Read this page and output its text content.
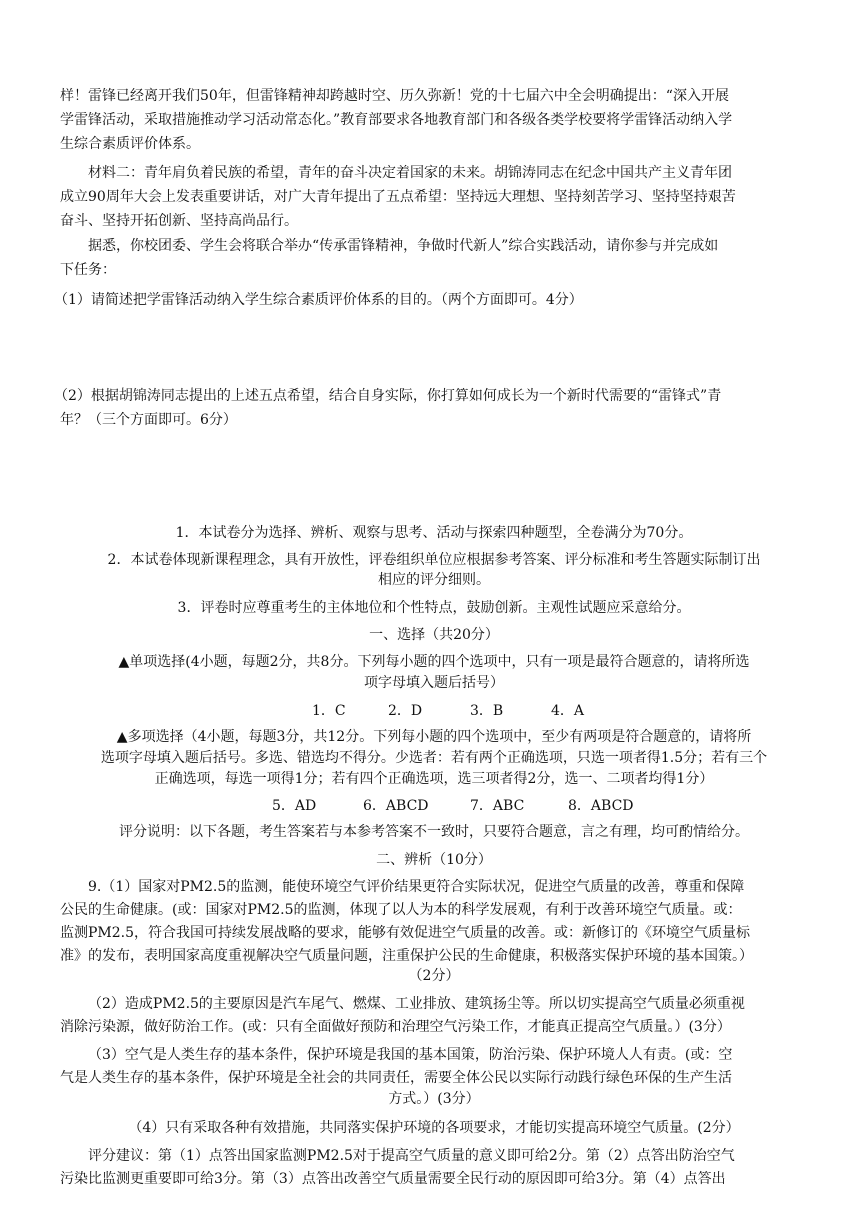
样！雷锋已经离开我们50年，但雷锋精神却跨越时空、历久弥新！党的十七届六中全会明确提出：“深入开展
学雷锋活动，采取措施推动学习活动常态化。”教育部要求各地教育部门和各级各类学校要将学雷锋活动纳入学
生综合素质评价体系。
材料二：青年肩负着民族的希望，青年的奋斗决定着国家的未来。胡锦涛同志在纪念中国共产主义青年团
成立90周年大会上发表重要讲话，对广大青年提出了五点希望：坚持远大理想、坚持刻苦学习、坚持坚持艰苦
奋斗、坚持开拓创新、坚持高尚品行。
据悉，你校团委、学生会将联合举办“传承雷锋精神，争做时代新人”综合实践活动，请你参与并完成如
下任务：
（1）请简述把学雷锋活动纳入学生综合素质评价体系的目的。（两个方面即可。4分）
（2）根据胡锦涛同志提出的上述五点希望，结合自身实际，你打算如何成长为一个新时代需要的“雷锋式”青
年？（三个方面即可。6分）
1．本试卷分为选择、辨析、观察与思考、活动与探索四种题型，全卷满分为70分。
2．本试卷体现新课程理念，具有开放性，评卷组织单位应根据参考答案、评分标准和考生答题实际制订出
相应的评分细则。
3．评卷时应尊重考生的主体地位和个性特点，鼓励创新。主观性试题应采意给分。
一、选择（共20分）
▲单项选择(4小题，每题2分，共8分。下列每小题的四个选项中，只有一项是最符合题意的，请将所选
项字母填入题后括号）
1．C	2．D	3．B	4．A
▲多项选择（4小题，每题3分，共12分。下列每小题的四个选项中，至少有两项是符合题意的，请将所
选项字母填入题后括号。多选、错选均不得分。少选者：若有两个正确选项，只选一项者得1.5分；若有三个
正确选项，每选一项得1分；若有四个正确选项，选三项者得2分，选一、二项者均得1分）
5．AD	6．ABCD	7．ABC	8．ABCD
评分说明：以下各题，考生答案若与本参考答案不一致时，只要符合题意，言之有理，均可酌情给分。
二、辨析（10分）
9.（1）国家对PM2.5的监测，能使环境空气评价结果更符合实际状况，促进空气质量的改善，尊重和保障
公民的生命健康。(或：国家对PM2.5的监测，体现了以人为本的科学发展观，有利于改善环境空气质量。或：
监测PM2.5，符合我国可持续发展战略的要求，能够有效促进空气质量的改善。或：新修订的《环境空气质量标
准》的发布，表明国家高度重视解决空气质量问题，注重保护公民的生命健康，积极落实保护环境的基本国策。）
（2分）
（2）造成PM2.5的主要原因是汽车尾气、燃煤、工业排放、建筑扬尘等。所以切实提高空气质量必须重视
消除污染源，做好防治工作。(或：只有全面做好预防和治理空气污染工作，才能真正提高空气质量。）(3分）
（3）空气是人类生存的基本条件，保护环境是我国的基本国策，防治污染、保护环境人人有责。(或：空
气是人类生存的基本条件，保护环境是全社会的共同责任，需要全体公民以实际行动践行绿色环保的生产生活
方式。）(3分）
（4）只有采取各种有效措施，共同落实保护环境的各项要求，才能切实提高环境空气质量。(2分）
评分建议：第（1）点答出国家监测PM2.5对于提高空气质量的意义即可给2分。第（2）点答出防治空气
污染比监测更重要即可给3分。第（3）点答出改善空气质量需要全民行动的原因即可给3分。第（4）点答出
